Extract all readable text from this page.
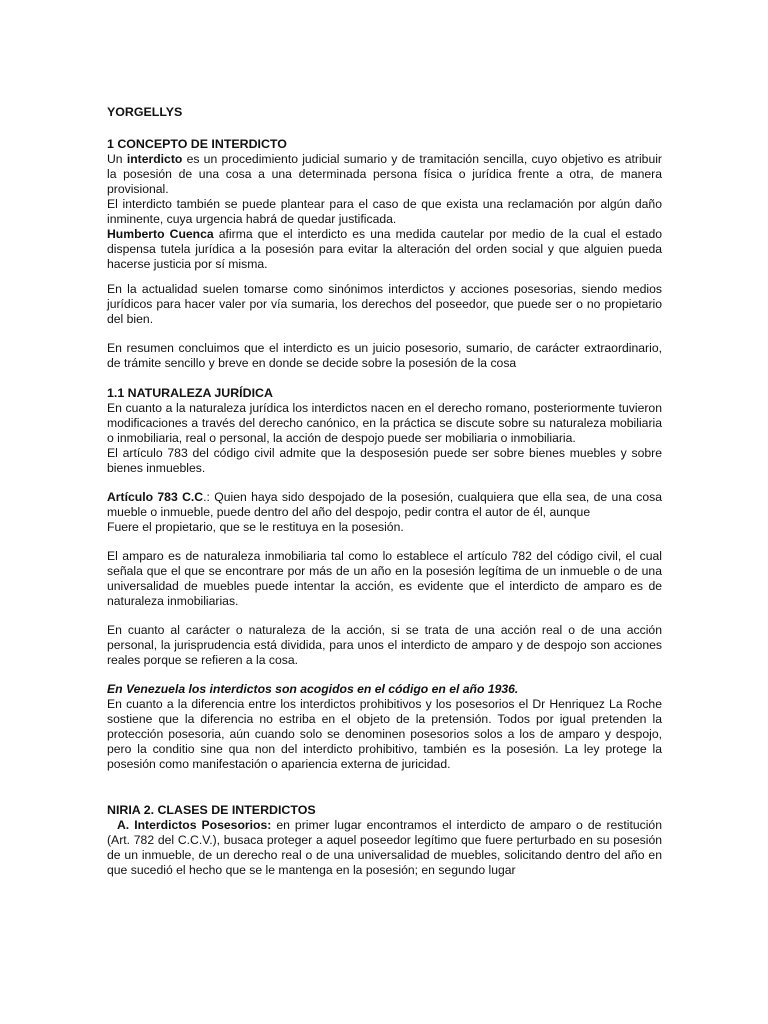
YORGELLYS

1 CONCEPTO DE INTERDICTO

Un interdicto es un procedimiento judicial sumario y de tramitación sencilla, cuyo objetivo es atribuir la posesión de una cosa a una determinada persona física o jurídica frente a otra, de manera provisional.

El interdicto también se puede plantear para el caso de que exista una reclamación por algún daño inminente, cuya urgencia habrá de quedar justificada.

Humberto Cuenca afirma que el interdicto es una medida cautelar por medio de la cual el estado dispensa tutela jurídica a la posesión para evitar la alteración del orden social y que alguien pueda hacerse justicia por sí misma.

En la actualidad suelen tomarse como sinónimos interdictos y acciones posesorias, siendo medios jurídicos para hacer valer por vía sumaria, los derechos del poseedor, que puede ser o no propietario del bien.

En resumen concluimos que el interdicto es un juicio posesorio, sumario, de carácter extraordinario, de trámite sencillo y breve en donde se decide sobre la posesión de la cosa

1.1 NATURALEZA JURÍDICA

En cuanto a la naturaleza jurídica los interdictos nacen en el derecho romano, posteriormente tuvieron modificaciones a través del derecho canónico, en la práctica se discute sobre su naturaleza mobiliaria o inmobiliaria, real o personal, la acción de despojo puede ser mobiliaria o inmobiliaria.

El artículo 783 del código civil admite que la desposesión puede ser sobre bienes muebles y sobre bienes inmuebles.

Artículo 783 C.C.: Quien haya sido despojado de la posesión, cualquiera que ella sea, de una cosa mueble o inmueble, puede dentro del año del despojo, pedir contra el autor de él, aunque

Fuere el propietario, que se le restituya en la posesión.

El amparo es de naturaleza inmobiliaria tal como lo establece el artículo 782 del código civil, el cual señala que el que se encontrare por más de un año en la posesión legítima de un inmueble o de una universalidad de muebles puede intentar la acción, es evidente que el interdicto de amparo es de naturaleza inmobiliarias.

En cuanto al carácter o naturaleza de la acción, si se trata de una acción real o de una acción personal, la jurisprudencia está dividida, para unos el interdicto de amparo y de despojo son acciones reales porque se refieren a la cosa.

En Venezuela los interdictos son acogidos en el código en el año 1936.

En cuanto a la diferencia entre los interdictos prohibitivos y los posesorios el Dr Henriquez La Roche sostiene que la diferencia no estriba en el objeto de la pretensión. Todos por igual pretenden la protección posesoria, aún cuando solo se denominen posesorios solos a los de amparo y despojo, pero la conditio sine qua non del interdicto prohibitivo, también es la posesión. La ley protege la posesión como manifestación o apariencia externa de juricidad.

NIRIA 2. CLASES DE INTERDICTOS

A. Interdictos Posesorios: en primer lugar encontramos el interdicto de amparo o de restitución (Art. 782 del C.C.V.), busaca proteger a aquel poseedor legítimo que fuere perturbado en su posesión de un inmueble, de un derecho real o de una universalidad de muebles, solicitando dentro del año en que sucedió el hecho que se le mantenga en la posesión; en segundo lugar
